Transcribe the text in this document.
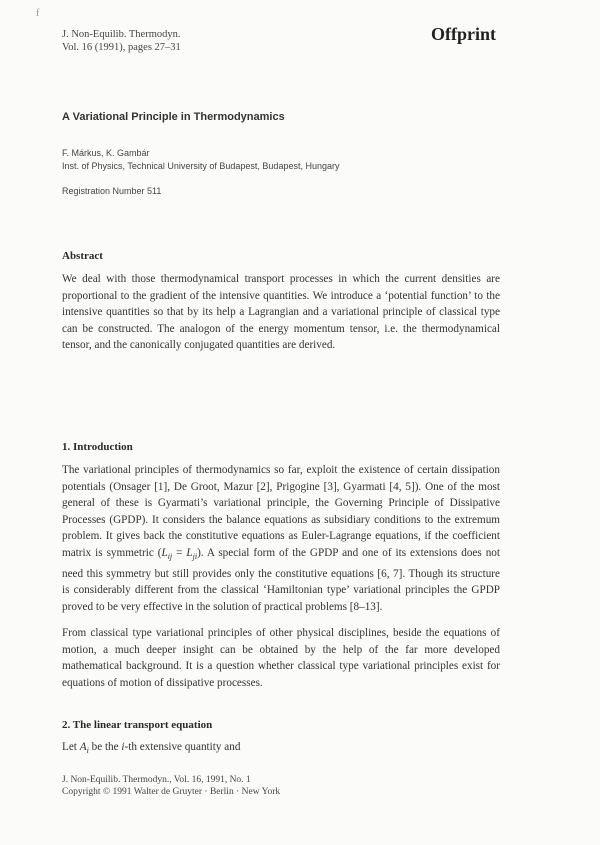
f
J. Non-Equilib. Thermodyn.
Vol. 16 (1991), pages 27–31
Offprint
A Variational Principle in Thermodynamics
F. Márkus, K. Gambár
Inst. of Physics, Technical University of Budapest, Budapest, Hungary
Registration Number 511
Abstract
We deal with those thermodynamical transport processes in which the current densities are proportional to the gradient of the intensive quantities. We introduce a ‘potential function’ to the intensive quantities so that by its help a Lagrangian and a variational principle of classical type can be constructed. The analogon of the energy momentum tensor, i.e. the thermodynamical tensor, and the canonically conjugated quantities are derived.
1. Introduction
The variational principles of thermodynamics so far, exploit the existence of certain dissipation potentials (Onsager [1], De Groot, Mazur [2], Prigogine [3], Gyarmati [4, 5]). One of the most general of these is Gyarmati’s variational principle, the Governing Principle of Dissipative Processes (GPDP). It considers the balance equations as subsidiary conditions to the extremum problem. It gives back the constitutive equations as Euler-Lagrange equations, if the coefficient matrix is symmetric $(L_{ij} = L_{ji})$. A special form of the GPDP and one of its extensions does not need this symmetry but still provides only the constitutive equations [6, 7]. Though its structure is considerably different from the classical ‘Hamiltonian type’ variational principles the GPDP proved to be very effective in the solution of practical problems [8–13].
From classical type variational principles of other physical disciplines, beside the equations of motion, a much deeper insight can be obtained by the help of the far more developed mathematical background. It is a question whether classical type variational principles exist for equations of motion of dissipative processes.
2. The linear transport equation
Let $A_i$ be the i-th extensive quantity and
J. Non-Equilib. Thermodyn., Vol. 16, 1991, No. 1
Copyright © 1991 Walter de Gruyter · Berlin · New York
